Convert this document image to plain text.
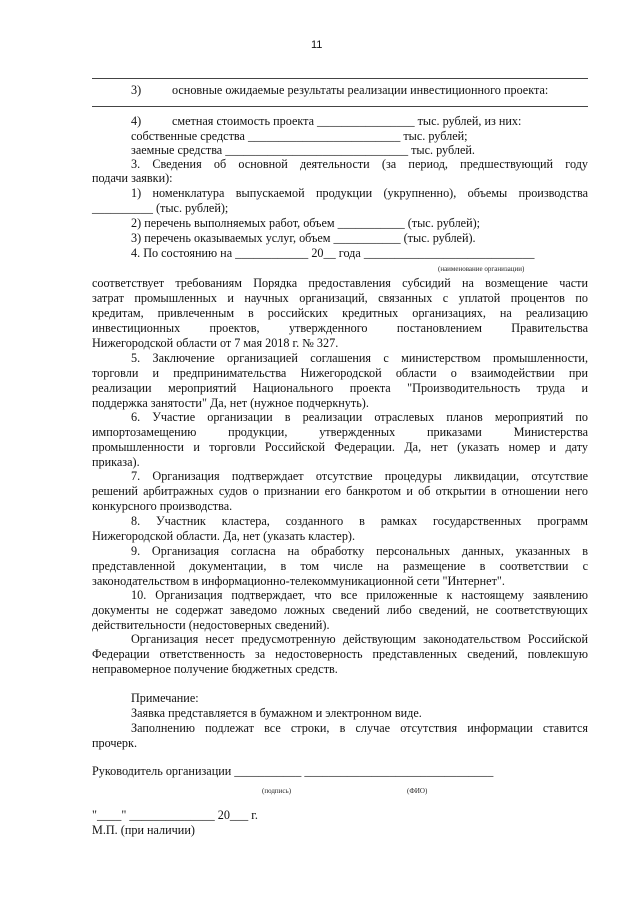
11
3)	основные ожидаемые результаты реализации инвестиционного проекта:
4)	сметная стоимость проекта ________________ тыс. рублей, из них:
собственные средства _________________________ тыс. рублей;
заемные средства ______________________________ тыс. рублей.
3. Сведения об основной деятельности (за период, предшествующий году
подачи заявки):
1) номенклатура выпускаемой продукции (укрупненно), объемы производства
__________ (тыс. рублей);
2) перечень выполняемых работ, объем ___________ (тыс. рублей);
3) перечень оказываемых услуг, объем ___________ (тыс. рублей).
4. По состоянию на ____________ 20__ года ____________________________
(наименование организации)
соответствует требованиям Порядка предоставления субсидий на возмещение части
затрат промышленных и научных организаций, связанных с уплатой процентов по
кредитам, привлеченным в российских кредитных организациях, на реализацию
инвестиционных проектов, утвержденного постановлением Правительства
Нижегородской области от 7 мая 2018 г. № 327.
5. Заключение организацией соглашения с министерством промышленности,
торговли и предпринимательства Нижегородской области о взаимодействии при
реализации мероприятий Национального проекта "Производительность труда и
поддержка занятости" Да, нет (нужное подчеркнуть).
6. Участие организации в реализации отраслевых планов мероприятий по
импортозамещению продукции, утвержденных приказами Министерства
промышленности и торговли Российской Федерации. Да, нет (указать номер и дату
приказа).
7. Организация подтверждает отсутствие процедуры ликвидации, отсутствие
решений арбитражных судов о признании его банкротом и об открытии в отношении него
конкурсного производства.
8. Участник кластера, созданного в рамках государственных программ
Нижегородской области. Да, нет (указать кластер).
9. Организация согласна на обработку персональных данных, указанных в
представленной документации, в том числе на размещение в соответствии с
законодательством в информационно-телекоммуникационной сети "Интернет".
10. Организация подтверждает, что все приложенные к настоящему заявлению
документы не содержат заведомо ложных сведений либо сведений, не соответствующих
действительности (недостоверных сведений).
Организация несет предусмотренную действующим законодательством Российской
Федерации ответственность за недостоверность представленных сведений, повлекшую
неправомерное получение бюджетных средств.
Примечание:
Заявка представляется в бумажном и электронном виде.
Заполнению подлежат все строки, в случае отсутствия информации ставится
прочерк.
Руководитель организации ___________ _______________________________
(подпись)	(ФИО)
"____" ______________ 20___ г.
М.П. (при наличии)
